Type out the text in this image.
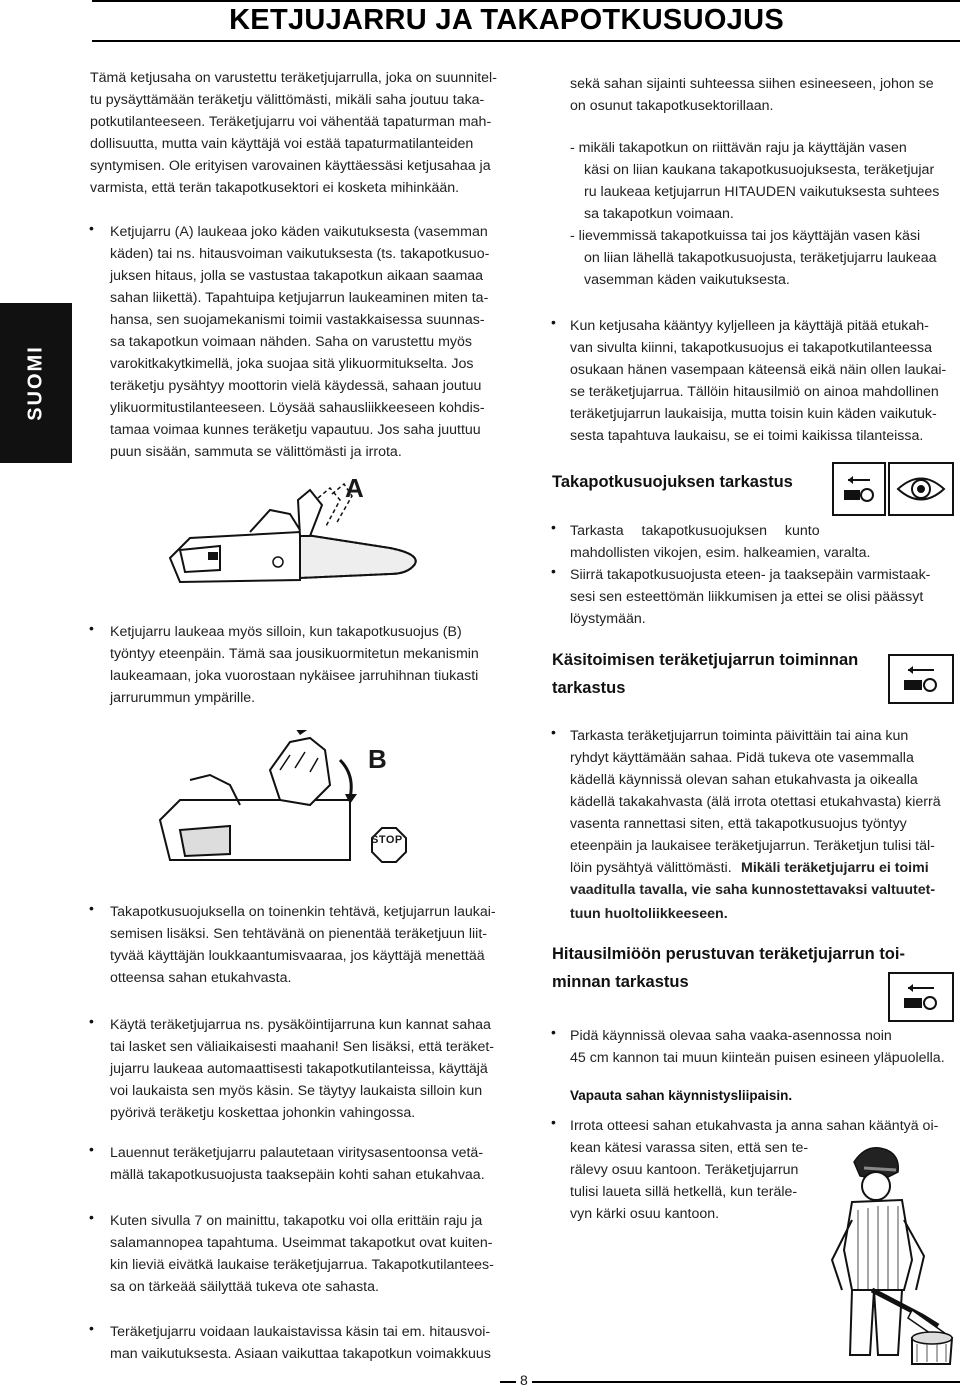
KETJUJARRU JA TAKAPOTKUSUOJUS
SUOMI

Tämä ketjusaha on varustettu teräketjujarrulla, joka on suunnitel-

tu pysäyttämään teräketju välittömästi, mikäli saha joutuu taka-

potkutilanteeseen. Teräketjujarru voi vähentää tapaturman mah-

dollisuutta, mutta vain käyttäjä voi estää tapaturmatilanteiden

syntymisen. Ole erityisen varovainen käyttäessäsi ketjusahaa ja

varmista, että terän takapotkusektori ei kosketa mihinkään.

• Ketjujarru (A) laukeaa joko käden vaikutuksesta (vasemman

käden) tai ns. hitausvoiman vaikutuksesta (ts. takapotkusuo-

juksen hitaus, jolla se vastustaa takapotkun aikaan saamaa

sahan liikettä). Tapahtuipa ketjujarrun laukeaminen miten ta-

hansa, sen suojamekanismi toimii vastakkaisessa suunnas-

sa takapotkun voimaan nähden. Saha on varustettu myös

varokitkakytkimellä, joka suojaa sitä ylikuormitukselta. Jos

teräketju pysähtyy moottorin vielä käydessä, sahaan joutuu

ylikuormitustilanteeseen. Löysää sahausliikkeeseen kohdis-

tamaa voimaa kunnes teräketju vapautuu. Jos saha juuttuu

puun sisään, sammuta se välittömästi ja irrota.

A
• Ketjujarru laukeaa myös silloin, kun takapotkusuojus (B)

työntyy eteenpäin. Tämä saa jousikuormitetun mekanismin

laukeamaan, joka vuorostaan nykäisee jarruhihnan tiukasti

jarrurummun ympärille.

B
STOP
• Takapotkusuojuksella on toinenkin tehtävä, ketjujarrun laukai-

semisen lisäksi. Sen tehtävänä on pienentää teräketjuun liit-

tyvää käyttäjän loukkaantumisvaaraa, jos käyttäjä menettää

otteensa sahan etukahvasta.

• Käytä teräketjujarrua ns. pysäköintijarruna kun kannat sahaa

tai lasket sen väliaikaisesti maahani! Sen lisäksi, että teräket-

jujarru laukeaa automaattisesti takapotkutilanteissa, käyttäjä

voi laukaista sen myös käsin. Se täytyy laukaista silloin kun

pyörivä teräketju koskettaa johonkin vahingossa.

• Lauennut teräketjujarru palautetaan viritysasentoonsa vetä-

mällä takapotkusuojusta taaksepäin kohti sahan etukahvaa.

• Kuten sivulla 7 on mainittu, takapotku voi olla erittäin raju ja

salamannopea tapahtuma. Useimmat takapotkut ovat kuiten-

kin lieviä eivätkä laukaise teräketjujarrua. Takapotkutilantees-

sa on tärkeää säilyttää tukeva ote sahasta.

• Teräketjujarru voidaan laukaistavissa käsin tai em. hitausvoi-

man vaikutuksesta. Asiaan vaikuttaa takapotkun voimakkuus

sekä sahan sijainti suhteessa siihen esineeseen, johon se

on osunut takapotkusektorillaan.

- mikäli takapotkun on riittävän raju ja käyttäjän vasen

käsi on liian kaukana takapotkusuojuksesta, teräketjujar

ru laukeaa ketjujarrun HITAUDEN vaikutuksesta suhtees

sa takapotkun voimaan.

- lievemmissä takapotkuissa tai jos käyttäjän vasen käsi

on liian lähellä takapotkusuojusta, teräketjujarru laukeaa

vasemman käden vaikutuksesta.

• Kun ketjusaha kääntyy kyljelleen ja käyttäjä pitää etukah-

van sivulta kiinni, takapotkusuojus ei takapotkutilanteessa

osukaan hänen vasempaan käteensä eikä näin ollen laukai-

se teräketjujarrua. Tällöin hitausilmiö on ainoa mahdollinen

teräketjujarrun laukaisija, mutta toisin kuin käden vaikutuk-

sesta tapahtuva laukaisu, se ei toimi kaikissa tilanteissa.

Takapotkusuojuksen tarkastus
• Tarkasta takapotkusuojuksen kunto

mahdollisten vikojen, esim. halkeamien, varalta.

• Siirrä takapotkusuojusta eteen- ja taaksepäin varmistaak-

sesi sen esteettömän liikkumisen ja ettei se olisi päässyt

löystymään.

Käsitoimisen teräketjujarrun toiminnan
tarkastus
• Tarkasta teräketjujarrun toiminta päivittäin tai aina kun

ryhdyt käyttämään sahaa. Pidä tukeva ote vasemmalla

kädellä käynnissä olevan sahan etukahvasta ja oikealla

kädellä takakahvasta (älä irrota otettasi etukahvasta) kierrä

vasenta rannettasi siten, että takapotkusuojus työntyy

eteenpäin ja laukaisee teräketjujarrun. Teräketjun tulisi täl-

löin pysähtyä välittömästi. Mikäli teräketjujarru ei toimi

vaaditulla tavalla, vie saha kunnostettavaksi valtuutet-

tuun huoltoliikkeeseen.

Hitausilmiöön perustuvan teräketjujarrun toi-
minnan tarkastus
• Pidä käynnissä olevaa saha vaaka-asennossa noin

45 cm kannon tai muun kiinteän puisen esineen yläpuolella.

Vapauta sahan käynnistysliipaisin.
• Irrota otteesi sahan etukahvasta ja anna sahan kääntyä oi-

kean kätesi varassa siten, että sen te-

rälevy osuu kantoon. Teräketjujarrun

tulisi laueta sillä hetkellä, kun terälе-

vyn kärki osuu kantoon.

8
